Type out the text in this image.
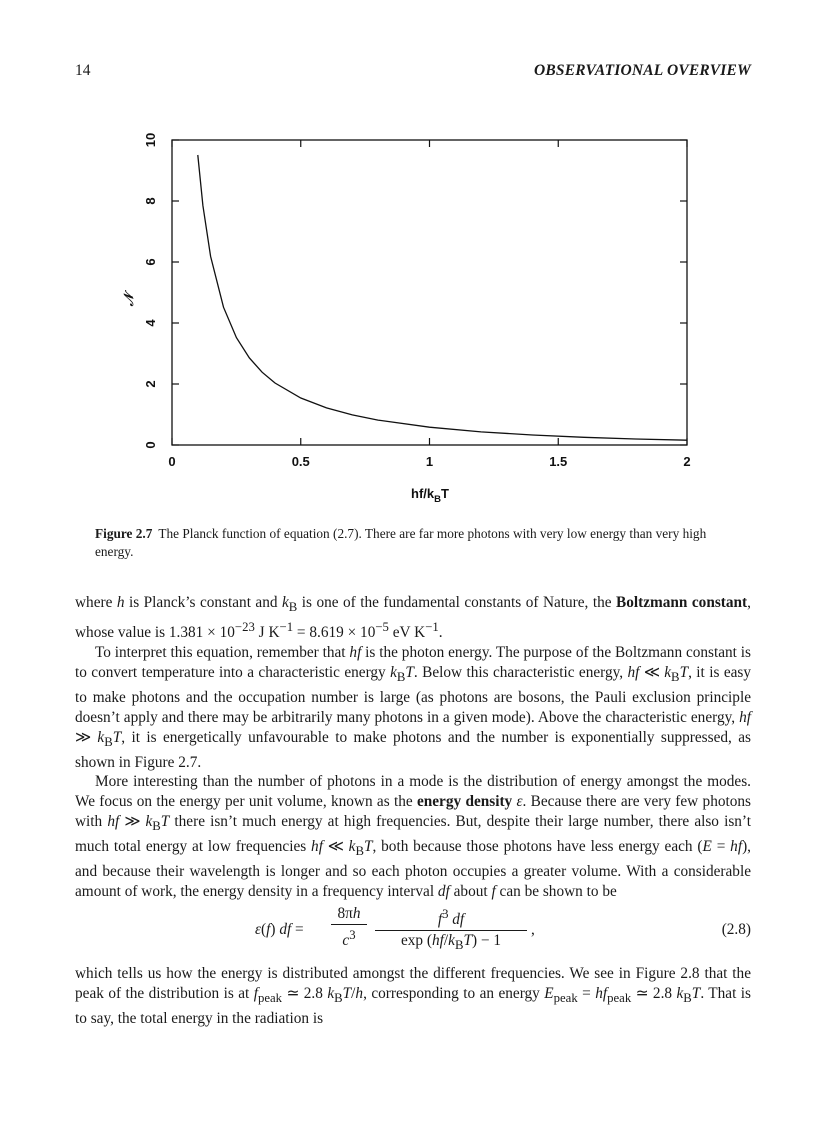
14	OBSERVATIONAL OVERVIEW
0	0.5	1	1.5	2
0
2
4
6
8
10
$hf/k_BT$
𝒩
Figure 2.7 The Planck function of equation (2.7). There are far more photons with very low energy than very high energy.

where h is Planck’s constant and $k_B$ is one of the fundamental constants of Nature, the Boltzmann constant, whose value is $1.381 \times 10^{-23}$ J $K^{-1} = 8.619 \times 10^{-5}$ eV $K^{-1}$.

To interpret this equation, remember that hf is the photon energy. The purpose of the Boltzmann constant is to convert temperature into a characteristic energy $k_BT$. Below this characteristic energy, hf ≪ $k_BT$, it is easy to make photons and the occupation number is large (as photons are bosons, the Pauli exclusion principle doesn’t apply and there may be arbitrarily many photons in a given mode). Above the characteristic energy, hf ≫ $k_BT$, it is energetically unfavourable to make photons and the number is exponentially suppressed, as shown in Figure 2.7.

More interesting than the number of photons in a mode is the distribution of energy amongst the modes. We focus on the energy per unit volume, known as the energy density ε. Because there are very few photons with hf ≫ $k_BT$ there isn’t much energy at high frequencies. But, despite their large number, there also isn’t much total energy at low frequencies hf ≪ $k_BT$, both because those photons have less energy each (E = hf), and because their wavelength is longer and so each photon occupies a greater volume. With a considerable amount of work, the energy density in a frequency interval df about f can be shown to be

ε(f) df = $\frac{8\pi h}{c^3}$	$f^3$ df
$\exp (hf/k_BT) - 1$
,	(2.8)

which tells us how the energy is distributed amongst the different frequencies. We see in Figure 2.8 that the peak of the distribution is at $f_{peak}$ ≃ 2.8 $k_BT/h$, corresponding to an energy $E_{peak} = hf_{peak}$ ≃ 2.8 $k_BT$. That is to say, the total energy in the radiation is
